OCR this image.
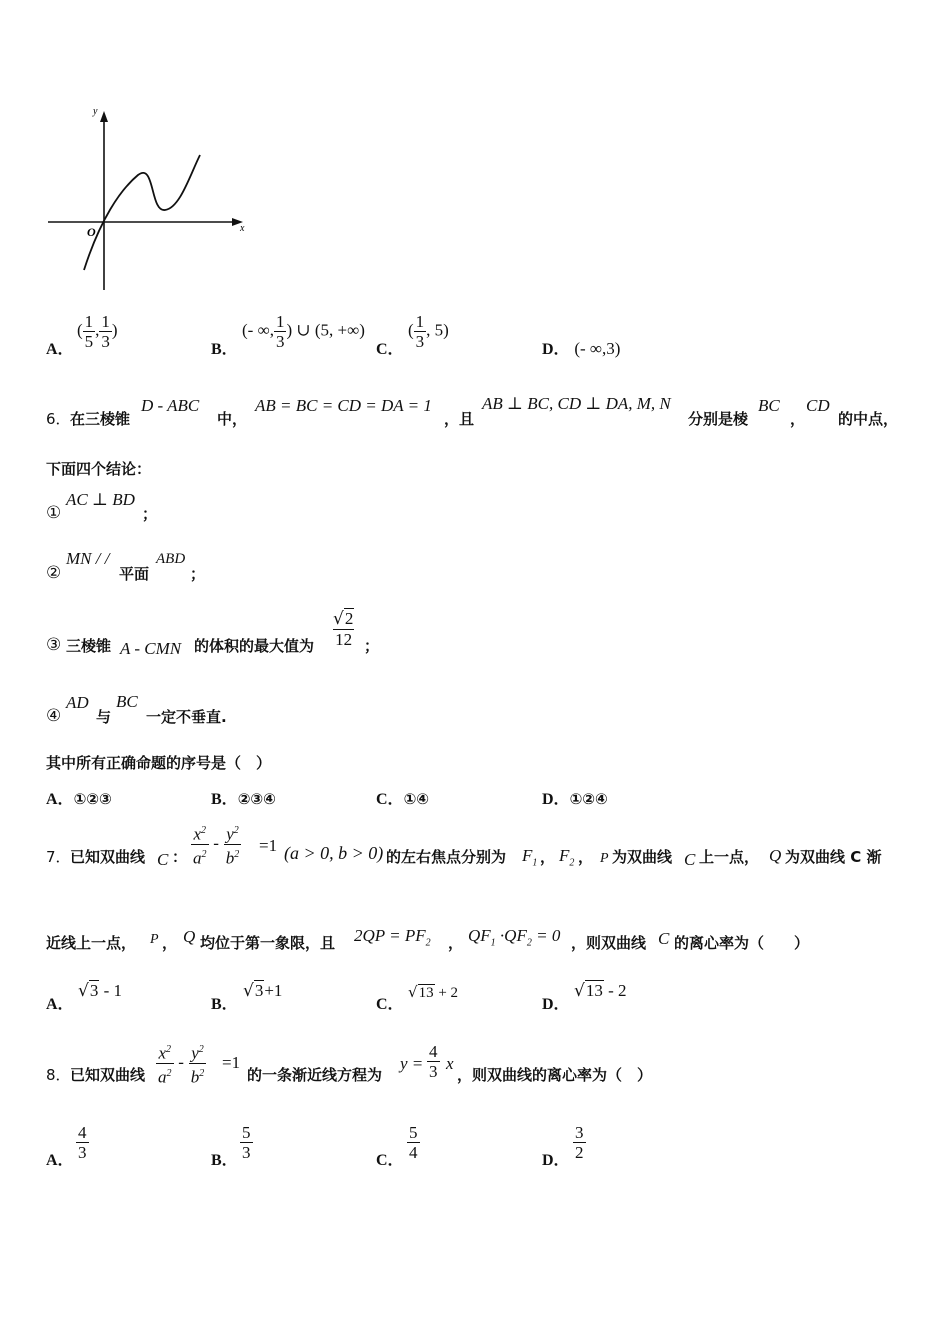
y
x
O
A．
( $\frac{1}{5}$ , $\frac{1}{3}$ )
B．
(- ∞, $\frac{1}{3}$ ) ∪ (5, +∞)
C．
( $\frac{1}{3}$ , 5)
D． (- ∞,3)
6． 在三棱锥
D - ABC
中，
AB = BC = CD = DA = 1
，且
AB ⊥ BC, CD ⊥ DA, M, N
分别是棱
BC
，
CD
的中点，
下面四个结论：
①
AC ⊥ BD
；
②
MN / /
平面
ABD
；
③ 三棱锥 A - CMN 的体积的最大值为 $\frac{√2}{12}$ ；
④
AD
与
BC
一定不垂直.
其中所有正确命题的序号是（　）
A．①②③	B．②③④	C．①④	D．①②④
7． 已知双曲线 C ： $\frac{x^2}{a^2} - \frac{y^2}{b^2} =1$ (a > 0, b > 0) 的左右焦点分别为 $F_1$ ， $F_2$ ， P 为双曲线 C 上一点， Q 为双曲线 C 渐
近线上一点， P ， Q 均位于第一象限，且 $2QP = PF_2$ ， $QF_1 \cdot QF_2 = 0$ ，则双曲线 C 的离心率为（　　）
A．
√3 - 1
B．
√3+1
C．
√13 + 2
D．
√13 - 2
8． 已知双曲线 $\frac{x^2}{a^2} - \frac{y^2}{b^2} =1$
的一条渐近线方程为
$y = \frac{4}{3}$ x
，则双曲线的离心率为（　）
A． $\frac{4}{3}$	B． $\frac{5}{3}$	C． $\frac{5}{4}$	D． $\frac{3}{2}$
